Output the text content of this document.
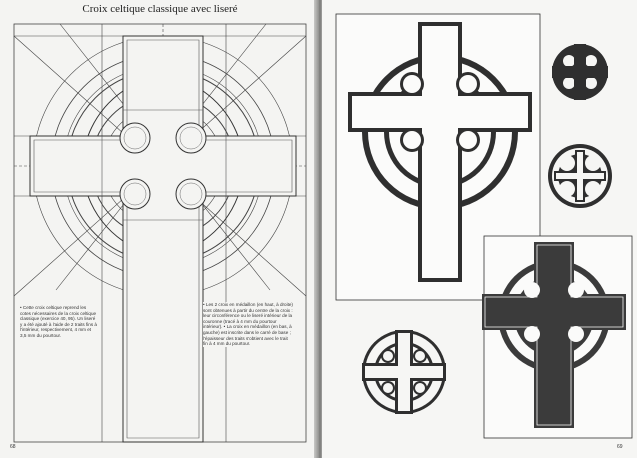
Croix celtique classique avec liseré
• Cette croix celtique reprend les cotes nécessaires de la croix celtique classique (exercice 40, 95). Un liseré y a été ajouté à l'aide de 2 traits fins à l'intérieur, respectivement, 4 mm et 3,5 mm du pourtour.
68
• Les 2 croix en médaillon (en haut, à droite) sont obtenues à partir du centre de la croix : leur circonférence ou le liseré intérieur de la couronne (tracé à 4 mm du pourtour intérieur). • La croix en médaillon (en bas, à gauche) est inscrite dans le carré de base ; l'épaisseur des traits s'obtient avec le trait fin à 4 mm du pourtour.
69
